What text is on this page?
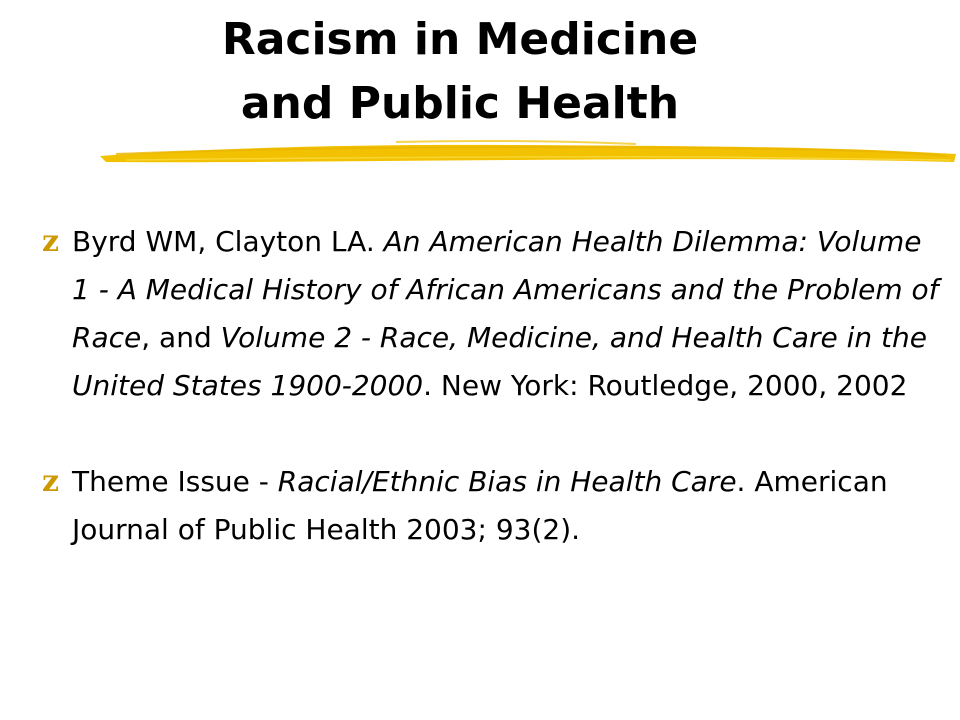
Racism in Medicine
and Public Health
z Byrd WM, Clayton LA. An American Health Dilemma: Volume 1 - A Medical History of African Americans and the Problem of Race, and Volume 2 - Race, Medicine, and Health Care in the United States 1900-2000. New York: Routledge, 2000, 2002
z Theme Issue - Racial/Ethnic Bias in Health Care. American Journal of Public Health 2003; 93(2).
